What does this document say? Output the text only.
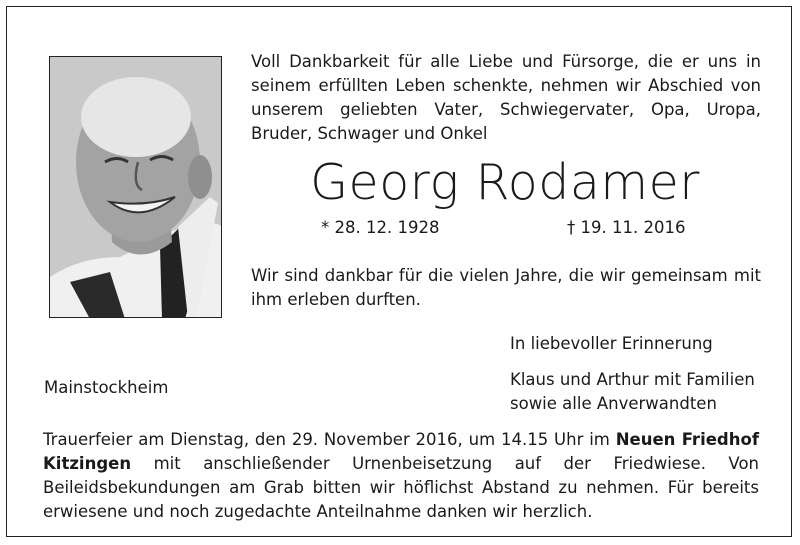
Voll Dankbarkeit für alle Liebe und Fürsorge, die er uns in seinem erfüllten Leben schenkte, nehmen wir Abschied von unserem geliebten Vater, Schwiegervater, Opa, Uropa, Bruder, Schwager und Onkel
Georg Rodamer
* 28. 12. 1928	† 19. 11. 2016
Wir sind dankbar für die vielen Jahre, die wir gemeinsam mit ihm erleben durften.
In liebevoller Erinnerung
Klaus und Arthur mit Familien
sowie alle Anverwandten
Mainstockheim
Trauerfeier am Dienstag, den 29. November 2016, um 14.15 Uhr im Neuen Friedhof Kitzingen mit anschließender Urnenbeisetzung auf der Friedwiese. Von Beileidsbekundungen am Grab bitten wir höflichst Abstand zu nehmen. Für bereits erwiesene und noch zugedachte Anteilnahme danken wir herzlich.
